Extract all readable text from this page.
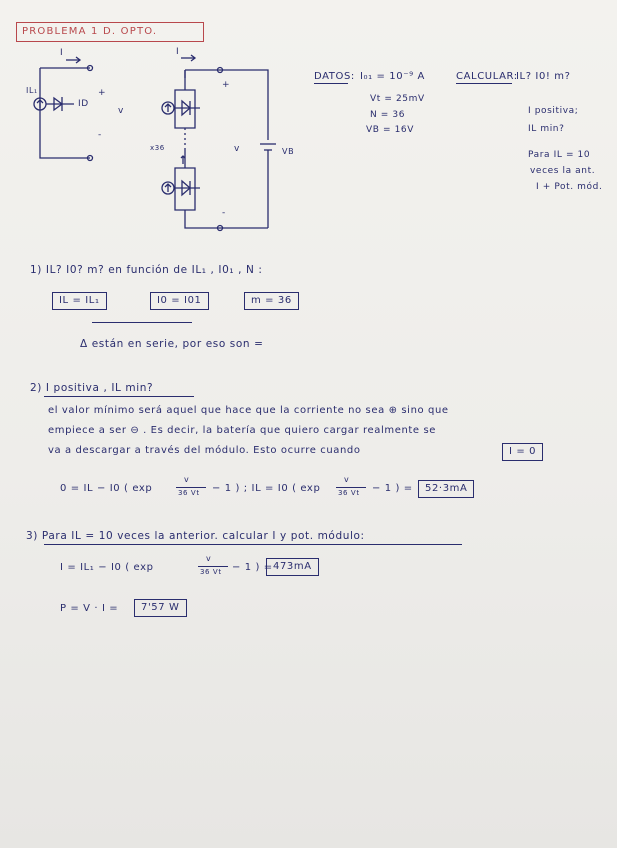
PROBLEMA 1 D. OPTO.
I
IL₁
ID
+
-
v
I
x36	v	VB
+
-
DATOS: I₀₁ = 10⁻⁹ A
Vt = 25mV
N = 36
VB = 16V
CALCULAR:
IL? I0! m?
I positiva;
IL min?
Para IL = 10
veces la ant.
I + Pot. mód.
1) IL? I0? m? en función de IL₁ , I0₁ , N :
IL = IL₁	I0 = I01	m = 36
Δ están en serie, por eso son =
2) I positiva , IL min?
el valor mínimo será aquel que hace que la corriente no sea ⊕ sino que
empiece a ser ⊖ . Es decir, la batería que quiero cargar realmente se
va a descargar a través del módulo. Esto ocurre cuando	I = 0
0 = IL − I0 ( exp
v
36 Vt − 1 ) ; IL = I0 ( exp
v
36 Vt − 1 ) =	52·3mA
3) Para IL = 10 veces la anterior. calcular I y pot. módulo:
I = IL₁ − I0 ( exp
v
36 Vt − 1 ) = 473mA
P = V · I =	7'57 W
